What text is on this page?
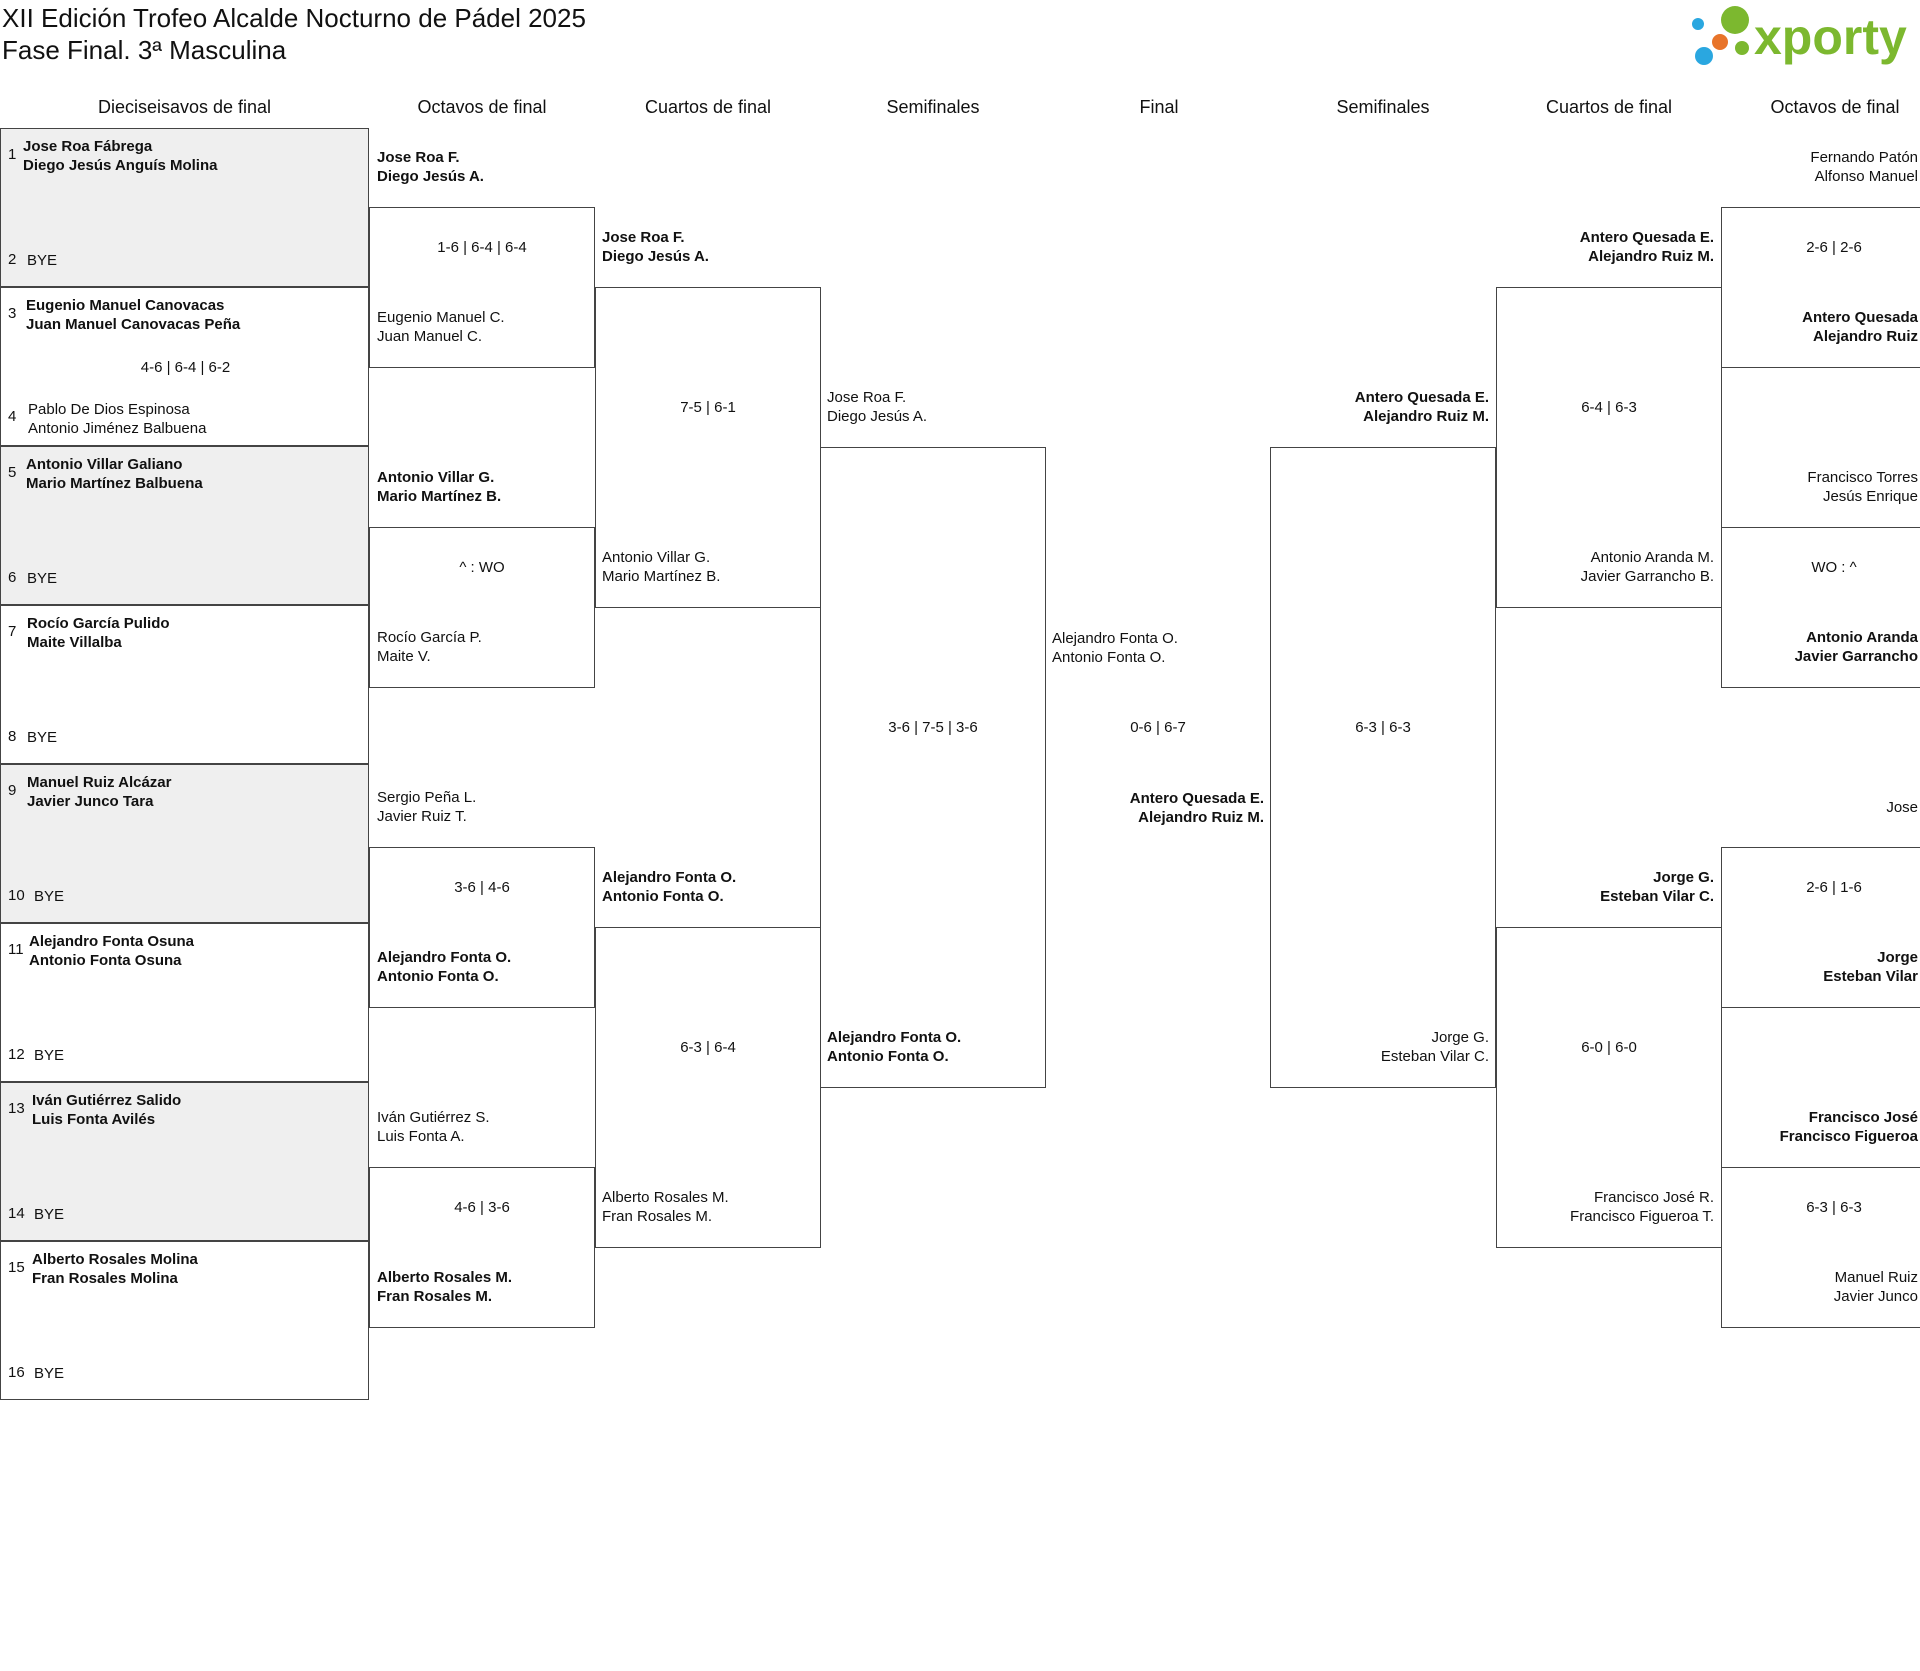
XII Edición Trofeo Alcalde Nocturno de Pádel 2025
Fase Final. 3ª Masculina	xporty
Dieciseisavos de final	Octavos de final	Cuartos de final	Semifinales	Final	Semifinales	Cuartos de final	Octavos de final
1 Jose Roa Fábrega
Diego Jesús Anguís Molina
2 BYE
3 Eugenio Manuel Canovacas
Juan Manuel Canovacas Peña
4-6 | 6-4 | 6-2
4 Pablo De Dios Espinosa
Antonio Jiménez Balbuena
5 Antonio Villar Galiano
Mario Martínez Balbuena
6 BYE
7 Rocío García Pulido
Maite Villalba
8 BYE
9 Manuel Ruiz Alcázar
Javier Junco Tara
10 BYE
11 Alejandro Fonta Osuna
Antonio Fonta Osuna
12 BYE
13 Iván Gutiérrez Salido
Luis Fonta Avilés
14 BYE
15 Alberto Rosales Molina
Fran Rosales Molina
16 BYE
Jose Roa F.
Diego Jesús A.
1-6 | 6-4 | 6-4
Eugenio Manuel C.
Juan Manuel C.
Antonio Villar G.
Mario Martínez B.
^ : WO
Rocío García P.
Maite V.
Sergio Peña L.
Javier Ruiz T.
3-6 | 4-6
Alejandro Fonta O.
Antonio Fonta O.
Iván Gutiérrez S.
Luis Fonta A.
4-6 | 3-6
Alberto Rosales M.
Fran Rosales M.
Jose Roa F.
Diego Jesús A.
7-5 | 6-1
Antonio Villar G.
Mario Martínez B.
Alejandro Fonta O.
Antonio Fonta O.
6-3 | 6-4
Alberto Rosales M.
Fran Rosales M.
Jose Roa F.
Diego Jesús A.
3-6 | 7-5 | 3-6
Alejandro Fonta O.
Antonio Fonta O.
Alejandro Fonta O.
Antonio Fonta O.
0-6 | 6-7
Antero Quesada E.
Alejandro Ruiz M.
Antero Quesada E.
Alejandro Ruiz M.
6-3 | 6-3
Jorge G.
Esteban Vilar C.
Antero Quesada E.
Alejandro Ruiz M.
6-4 | 6-3
Antonio Aranda M.
Javier Garrancho B.
Jorge G.
Esteban Vilar C.
6-0 | 6-0
Francisco José R.
Francisco Figueroa T.
Fernando Patón
Alfonso Manuel
2-6 | 2-6
Antero Quesada
Alejandro Ruiz
Francisco Torres
Jesús Enrique
WO : ^
Antonio Aranda
Javier Garrancho
Jose
2-6 | 1-6
Jorge
Esteban Vilar
Francisco José
Francisco Figueroa
6-3 | 6-3
Manuel Ruiz
Javier Junco
